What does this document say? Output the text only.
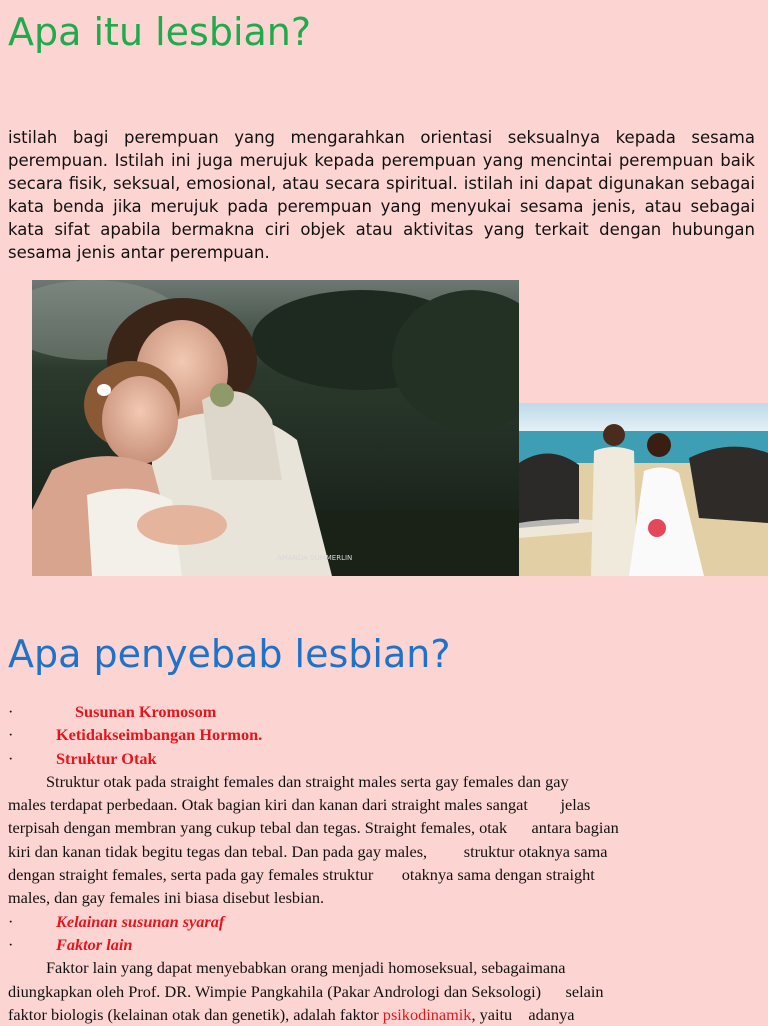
Apa itu lesbian?

istilah bagi perempuan yang mengarahkan orientasi seksualnya kepada sesama perempuan. Istilah ini juga merujuk kepada perempuan yang mencintai perempuan baik secara fisik, seksual, emosional, atau secara spiritual. istilah ini dapat digunakan sebagai kata benda jika merujuk pada perempuan yang menyukai sesama jenis, atau sebagai kata sifat apabila bermakna ciri objek atau aktivitas yang terkait dengan hubungan sesama jenis antar perempuan.

AMANDA SUMMERLIN
Apa penyebab lesbian?
·	Susunan Kromosom
·	Ketidakseimbangan Hormon.
·	Struktur Otak
Struktur otak pada straight females dan straight males serta gay females dan gay
males terdapat perbedaan. Otak bagian kiri dan kanan dari straight males sangat        jelas
terpisah dengan membran yang cukup tebal dan tegas. Straight females, otak      antara bagian
kiri dan kanan tidak begitu tegas dan tebal. Dan pada gay males,         struktur otaknya sama
dengan straight females, serta pada gay females struktur       otaknya sama dengan straight
males, dan gay females ini biasa disebut lesbian.
·	Kelainan susunan syaraf
·	Faktor lain
Faktor lain yang dapat menyebabkan orang menjadi homoseksual, sebagaimana
diungkapkan oleh Prof. DR. Wimpie Pangkahila (Pakar Andrologi dan Seksologi)      selain
faktor biologis (kelainan otak dan genetik), adalah faktor psikodinamik, yaitu    adanya
